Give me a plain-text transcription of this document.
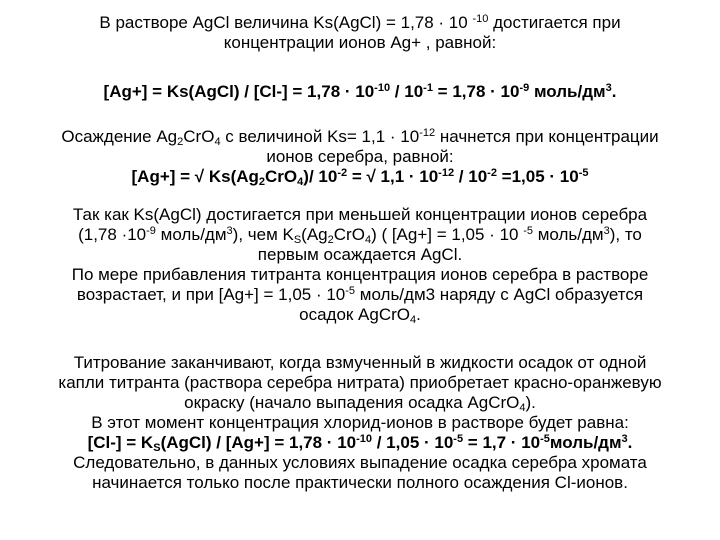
В растворе AgCl величина Ks(AgCl) = 1,78 · 10 $^{-10}$ достигается при
концентрации ионов Ag+ , равной:
[Ag+] = Ks(AgCl) / $[Cl-] = 1,78 \cdot 10^{-10} / 10^{-1} = 1,78 \cdot 10^{-9}$ моль/$дм^3$.
Осаждение $Ag_2CrO_4$ с величиной $Ks= 1,1 \cdot 10^{-12}$ начнется при концентрации
ионов серебра, равной:
[Ag+] = √ $Ks(Ag_2CrO_4)/$ $10^{-2}$ = √ $1,1 \cdot 10^{-12} / 10^{-2} =1,05 \cdot 10^{-5}$
Так как Ks(AgCl) достигается при меньшей концентрации ионов серебра
($1,78 \cdot 10^{-9}$ моль/$дм^3$), чем $K_S(Ag_2CrO_4)$ ( [Ag+] = 1,05 · 10 $^{-5}$ моль/$дм^3$), то
первым осаждается AgCl.
По мере прибавления титранта концентрация ионов серебра в растворе
возрастает, и при $[Ag+] = 1,05 \cdot 10^{-5}$ моль/дм3 наряду с AgCl образуется
осадок AgCrO$_4$.
Титрование заканчивают, когда взмученный в жидкости осадок от одной
капли титранта (раствора серебра нитрата) приобретает красно-оранжевую
окраску (начало выпадения осадка AgCrO$_4$).
В этот момент концентрация хлорид-ионов в растворе будет равна:
$[Cl-] = K_S(AgCl) / [Ag+] = 1,78 \cdot 10^{-10} / 1,05 \cdot 10^{-5} = 1,7$ · $10^{-5}моль/дм^3$.
Следовательно, в данных условиях выпадение осадка серебра хромата
начинается только после практически полного осаждения Cl-ионов.
